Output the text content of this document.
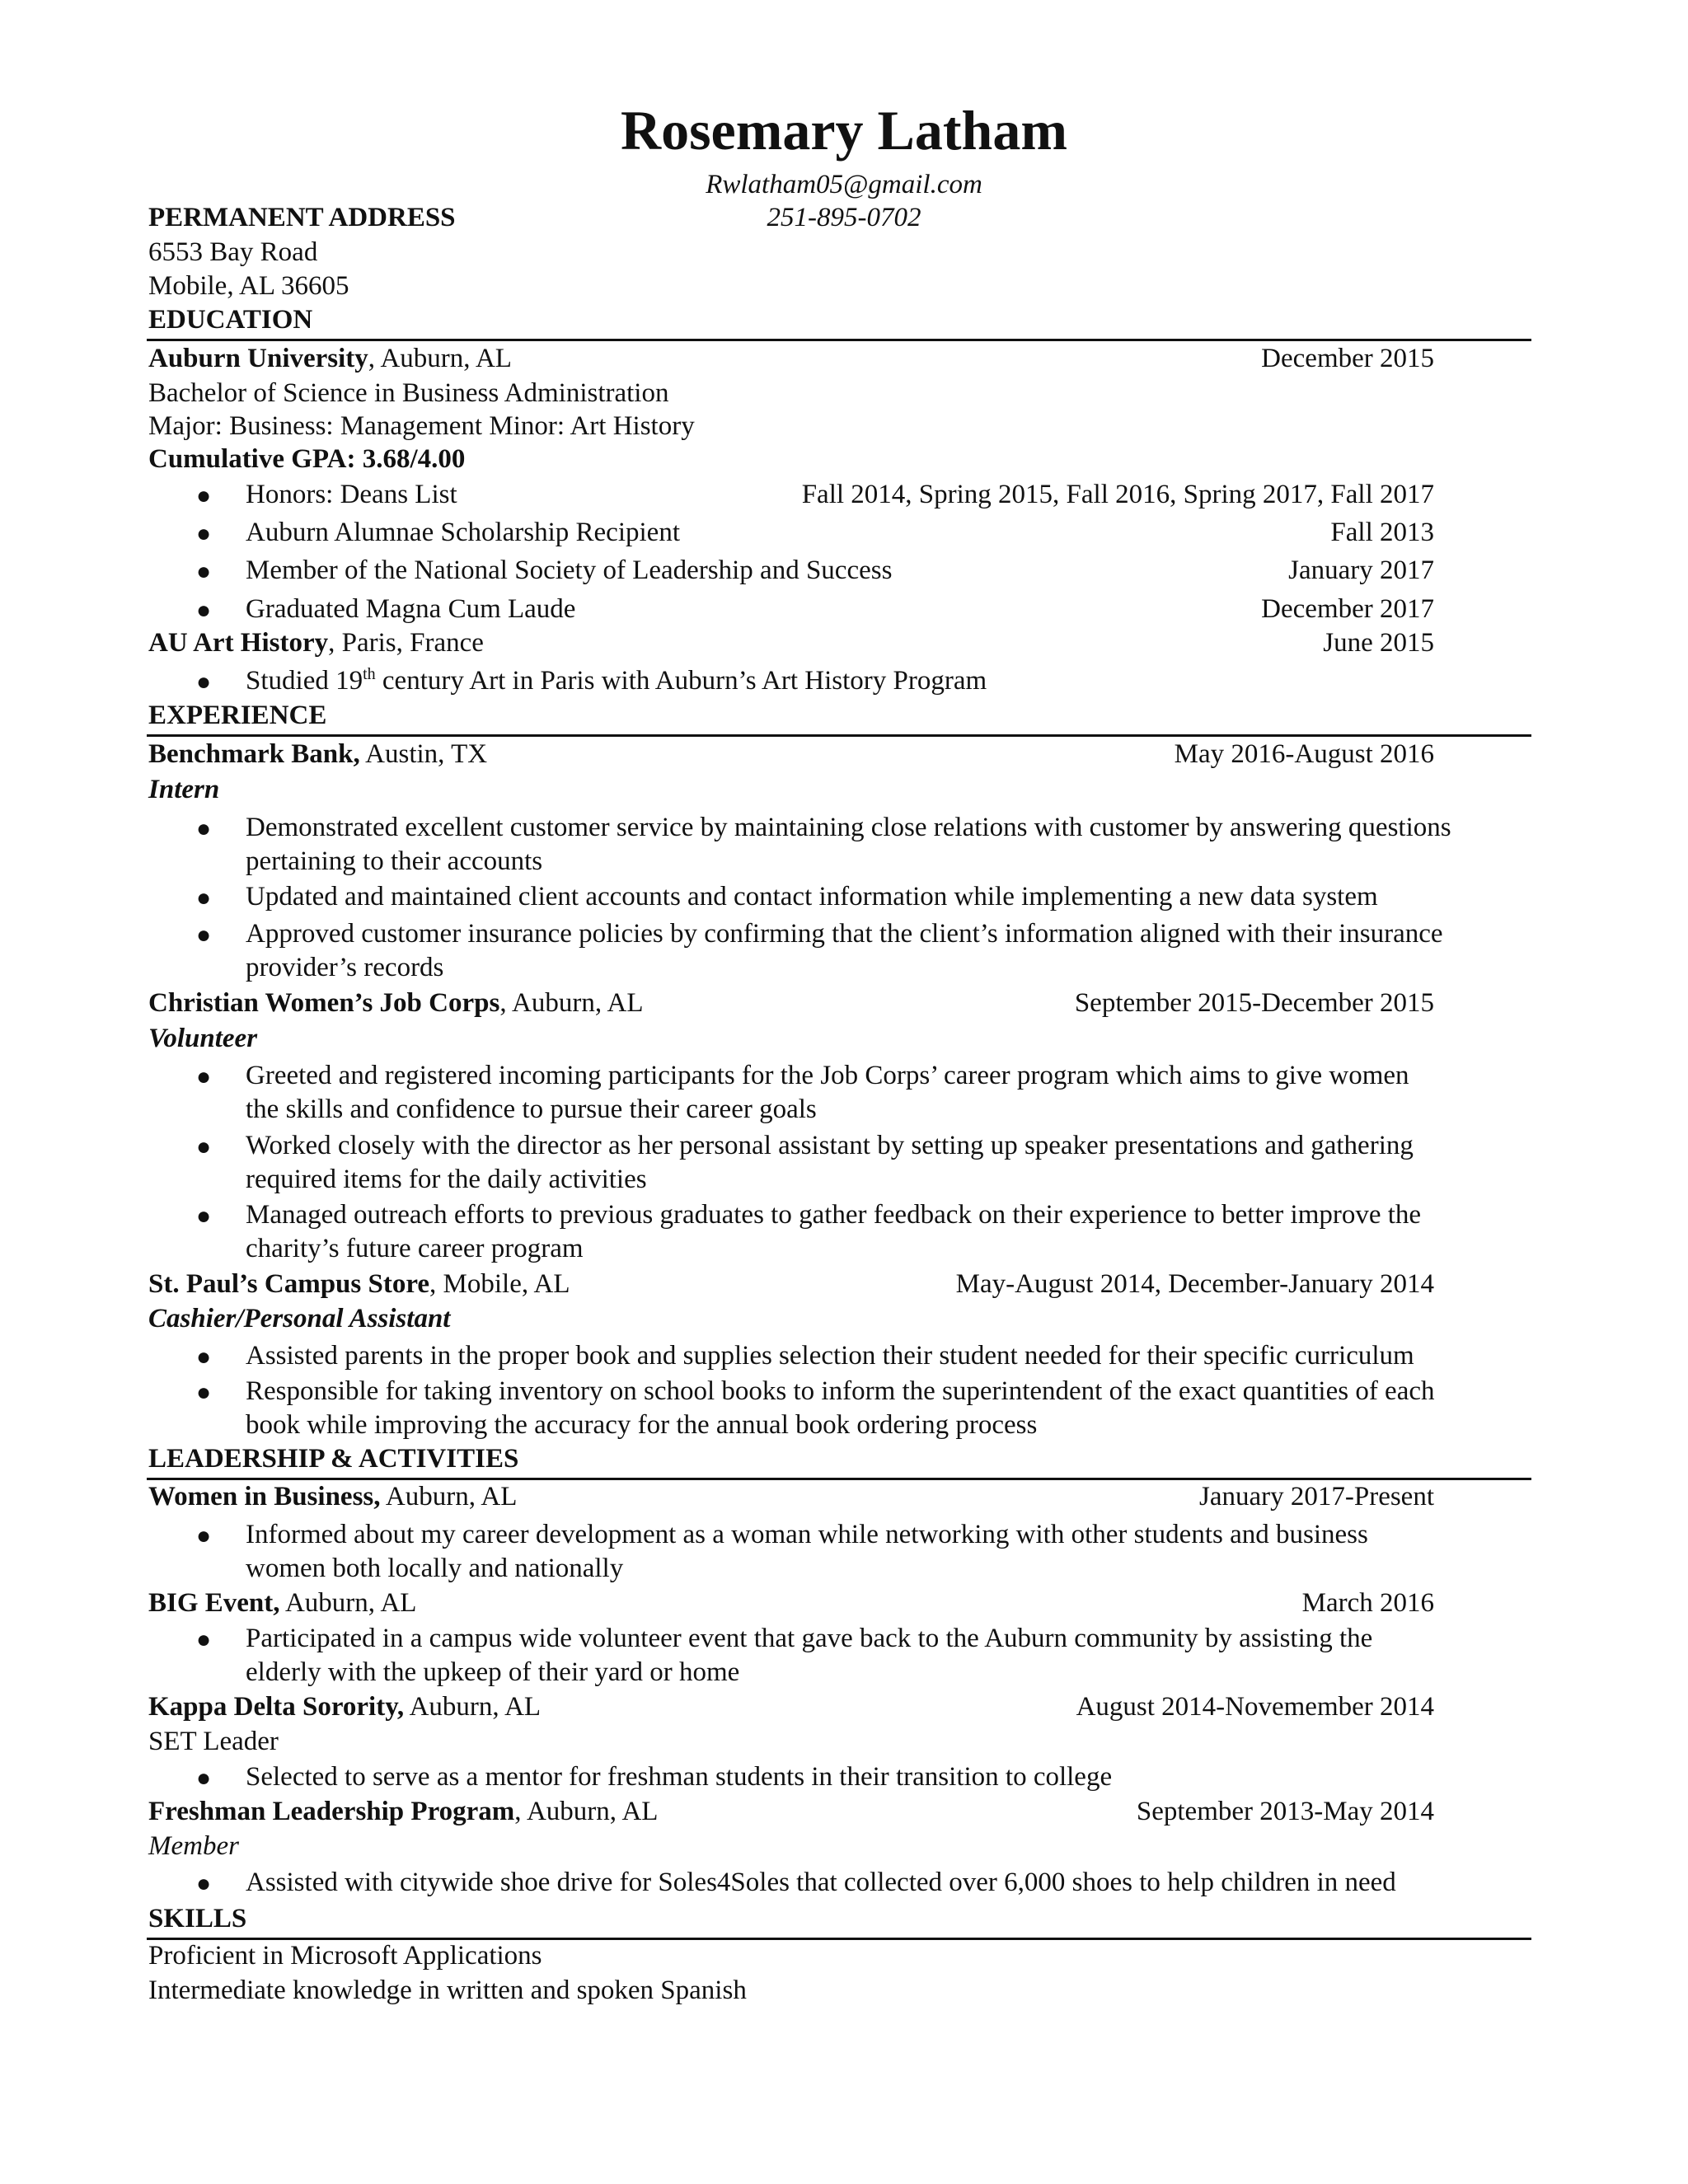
Rosemary Latham
Rwlatham05@gmail.com
PERMANENT ADDRESS	251-895-0702
6553 Bay Road
Mobile, AL 36605
EDUCATION
Auburn University, Auburn, AL	December 2015
Bachelor of Science in Business Administration
Major: Business: Management Minor: Art History
Cumulative GPA: 3.68/4.00
●	Honors: Deans List	Fall 2014, Spring 2015, Fall 2016, Spring 2017, Fall 2017
●	Auburn Alumnae Scholarship Recipient	Fall 2013
●	Member of the National Society of Leadership and Success	January 2017
●	Graduated Magna Cum Laude	December 2017
AU Art History, Paris, France	June 2015
●	Studied 19th century Art in Paris with Auburn’s Art History Program
EXPERIENCE
Benchmark Bank, Austin, TX	May 2016-August 2016
Intern
●	Demonstrated excellent customer service by maintaining close relations with customer by answering questions
pertaining to their accounts
●	Updated and maintained client accounts and contact information while implementing a new data system
●	Approved customer insurance policies by confirming that the client’s information aligned with their insurance
provider’s records
Christian Women’s Job Corps, Auburn, AL	September 2015-December 2015
Volunteer
●	Greeted and registered incoming participants for the Job Corps’ career program which aims to give women
the skills and confidence to pursue their career goals
●	Worked closely with the director as her personal assistant by setting up speaker presentations and gathering
required items for the daily activities
●	Managed outreach efforts to previous graduates to gather feedback on their experience to better improve the
charity’s future career program
St. Paul’s Campus Store, Mobile, AL	May-August 2014, December-January 2014
Cashier/Personal Assistant
●	Assisted parents in the proper book and supplies selection their student needed for their specific curriculum
●	Responsible for taking inventory on school books to inform the superintendent of the exact quantities of each
book while improving the accuracy for the annual book ordering process
LEADERSHIP & ACTIVITIES
Women in Business, Auburn, AL	January 2017-Present
●	Informed about my career development as a woman while networking with other students and business
women both locally and nationally
BIG Event, Auburn, AL	March 2016
●	Participated in a campus wide volunteer event that gave back to the Auburn community by assisting the
elderly with the upkeep of their yard or home
Kappa Delta Sorority, Auburn, AL	August 2014-Novemember 2014
SET Leader
●	Selected to serve as a mentor for freshman students in their transition to college
Freshman Leadership Program, Auburn, AL	September 2013-May 2014
Member
●	Assisted with citywide shoe drive for Soles4Soles that collected over 6,000 shoes to help children in need
SKILLS
Proficient in Microsoft Applications
Intermediate knowledge in written and spoken Spanish
